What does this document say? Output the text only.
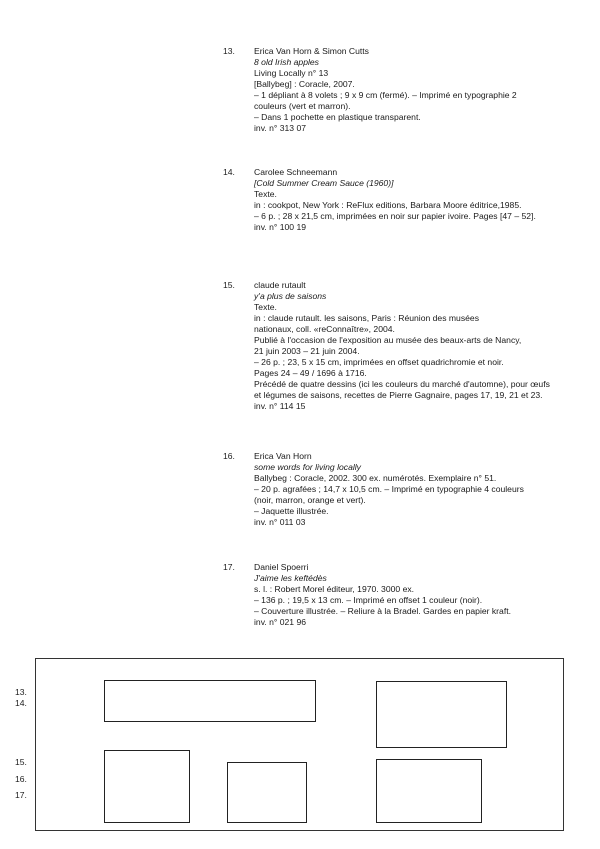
13. Erica Van Horn & Simon Cutts
8 old Irish apples
Living Locally n° 13
[Ballybeg] : Coracle, 2007.
– 1 dépliant à 8 volets ; 9 x 9 cm (fermé). – Imprimé en typographie 2
couleurs (vert et marron).
– Dans 1 pochette en plastique transparent.
inv. n° 313 07
14. Carolee Schneemann
[Cold Summer Cream Sauce (1960)]
Texte.
in : cookpot, New York : ReFlux editions, Barbara Moore éditrice,1985.
– 6 p. ; 28 x 21,5 cm, imprimées en noir sur papier ivoire. Pages [47 – 52].
inv. n° 100 19
15. claude rutault
y'a plus de saisons
Texte.
in : claude rutault. les saisons, Paris : Réunion des musées
nationaux, coll. «reConnaître», 2004.
Publié à l'occasion de l'exposition au musée des beaux-arts de Nancy,
21 juin 2003 – 21 juin 2004.
– 26 p. ; 23, 5 x 15 cm, imprimées en offset quadrichromie et noir.
Pages 24 – 49 / 1696 à 1716.
Précédé de quatre dessins (ici les couleurs du marché d'automne), pour œufs
et légumes de saisons, recettes de Pierre Gagnaire, pages 17, 19, 21 et 23.
inv. n° 114 15
16. Erica Van Horn
some words for living locally
Ballybeg : Coracle, 2002. 300 ex. numérotés. Exemplaire n° 51.
– 20 p. agrafées ; 14,7 x 10,5 cm. – Imprimé en typographie 4 couleurs
(noir, marron, orange et vert).
– Jaquette illustrée.
inv. n° 011 03
17. Daniel Spoerri
J'aime les keftédès
s. l. : Robert Morel éditeur, 1970. 3000 ex.
– 136 p. ; 19,5 x 13 cm. – Imprimé en offset 1 couleur (noir).
– Couverture illustrée. – Reliure à la Bradel. Gardes en papier kraft.
inv. n° 021 96
13.
14.
15.
16.
17.
